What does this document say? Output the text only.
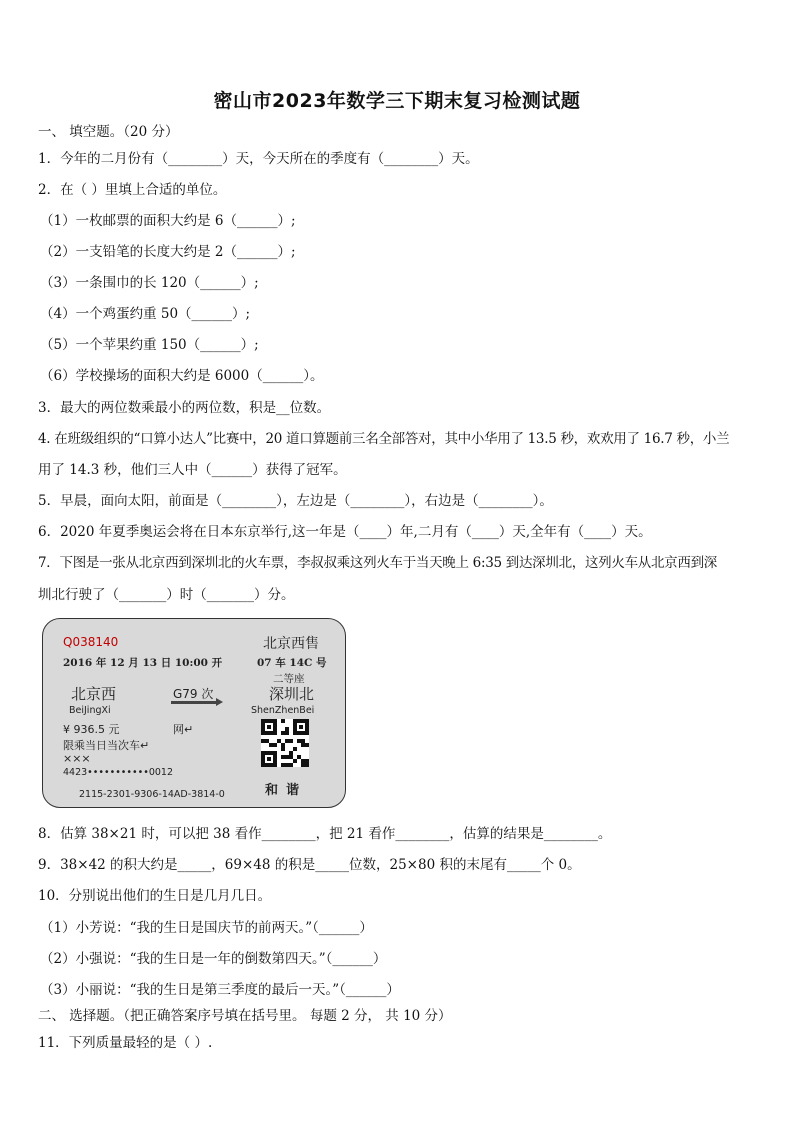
密山市2023年数学三下期末复习检测试题
一、 填空题。（20 分）
1．今年的二月份有（________）天，今天所在的季度有（________）天。
2．在（ ）里填上合适的单位。
（1）一枚邮票的面积大约是 6（______）;
（2）一支铅笔的长度大约是 2（______）;
（3）一条围巾的长 120（______）;
（4）一个鸡蛋约重 50（______）;
（5）一个苹果约重 150（______）;
（6）学校操场的面积大约是 6000（______）。
3．最大的两位数乘最小的两位数，积是__位数。
4. 在班级组织的“口算小达人”比赛中，20 道口算题前三名全部答对，其中小华用了 13.5 秒，欢欢用了 16.7 秒，小兰
用了 14.3 秒，他们三人中（______）获得了冠军。
5．早晨，面向太阳，前面是（________），左边是（________），右边是（________）。
6．2020 年夏季奥运会将在日本东京举行,这一年是（____）年,二月有（____）天,全年有（____）天。
7．下图是一张从北京西到深圳北的火车票，李叔叔乘这列火车于当天晚上 6:35 到达深圳北，这列火车从北京西到深
圳北行驶了（_______）时（_______）分。
Q038140	北京西售
2016 年 12 月 13 日 10:00 开	07 车 14C 号
二等座
北京西	G79 次	深圳北
BeiJingXi	ShenZhenBei
¥ 936.5 元	网↵
限乘当日当次车↵
×××
4423•••••••••••0012
和谐
2115-2301-9306-14AD-3814-0
8．估算 38×21 时，可以把 38 看作________，把 21 看作________，估算的结果是________。
9．38×42 的积大约是_____，69×48 的积是_____位数，25×80 积的末尾有_____个 0。
10．分别说出他们的生日是几月几日。
（1）小芳说：“我的生日是国庆节的前两天。”（______）
（2）小强说：“我的生日是一年的倒数第四天。”（______）
（3）小丽说：“我的生日是第三季度的最后一天。”（______）
二、 选择题。（把正确答案序号填在括号里。 每题 2 分， 共 10 分）
11．下列质量最轻的是（ ）.
